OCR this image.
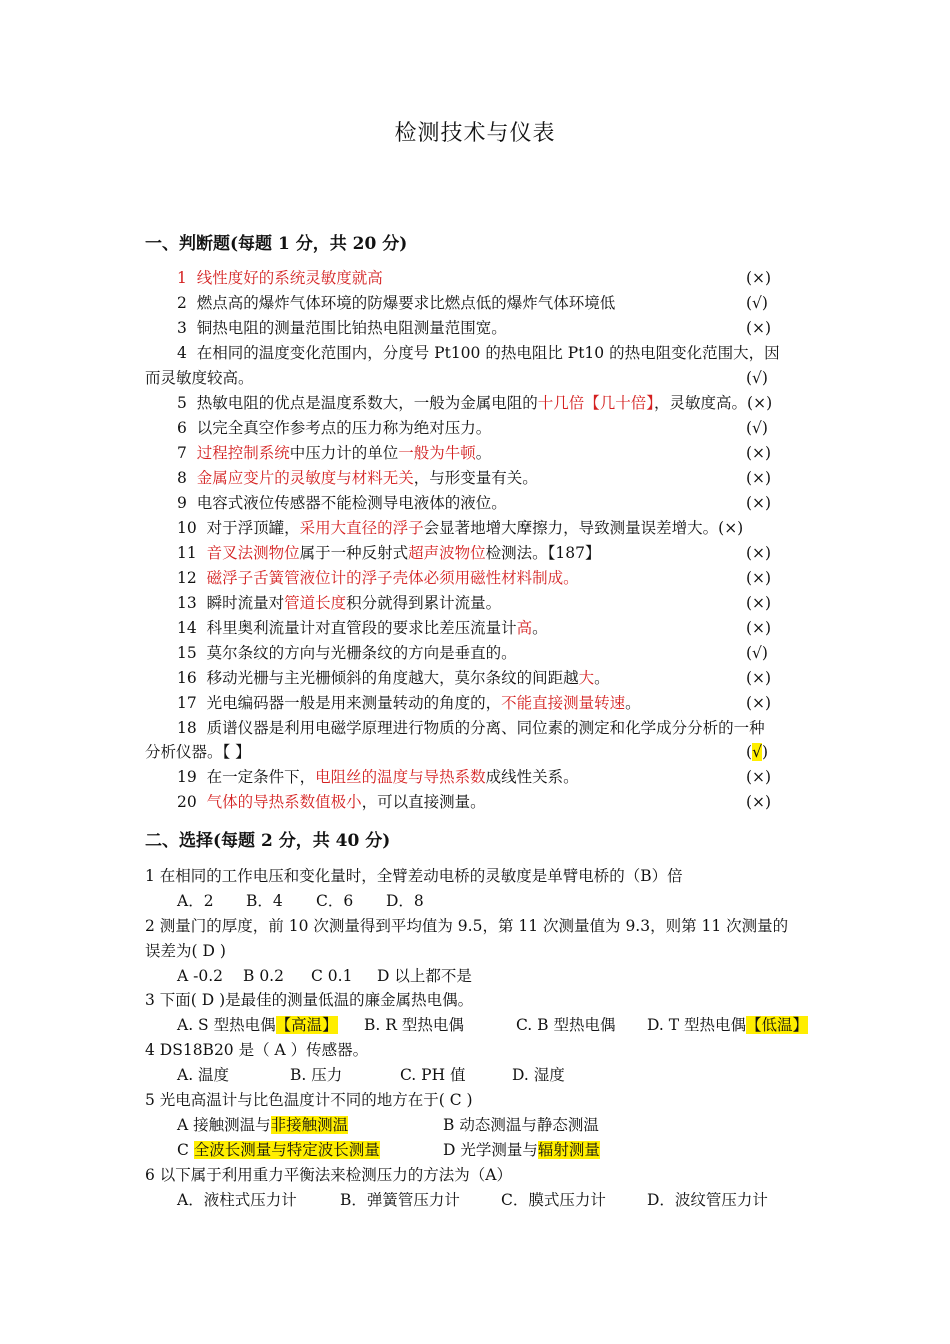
检测技术与仪表
一、判断题(每题 1 分，共 20 分)
1 线性度好的系统灵敏度就高	(×)
2 燃点高的爆炸气体环境的防爆要求比燃点低的爆炸气体环境低	(√)
3 铜热电阻的测量范围比铂热电阻测量范围宽。	(×)
4 在相同的温度变化范围内，分度号 Pt100 的热电阻比 Pt10 的热电阻变化范围大，因
而灵敏度较高。	(√)
5 热敏电阻的优点是温度系数大，一般为金属电阻的十几倍【几十倍】，灵敏度高。(×)
6 以完全真空作参考点的压力称为绝对压力。	(√)
7 过程控制系统中压力计的单位一般为牛顿。	(×)
8 金属应变片的灵敏度与材料无关，与形变量有关。	(×)
9 电容式液位传感器不能检测导电液体的液位。	(×)
10 对于浮顶罐，采用大直径的浮子会显著地增大摩擦力，导致测量误差增大。(×)
11 音叉法测物位属于一种反射式超声波物位检测法。【187】	(×)
12 磁浮子舌簧管液位计的浮子壳体必须用磁性材料制成。	(×)
13 瞬时流量对管道长度积分就得到累计流量。	(×)
14 科里奥利流量计对直管段的要求比差压流量计高。	(×)
15 莫尔条纹的方向与光栅条纹的方向是垂直的。	(√)
16 移动光栅与主光栅倾斜的角度越大，莫尔条纹的间距越大。	(×)
17 光电编码器一般是用来测量转动的角度的，不能直接测量转速。	(×)
18 质谱仪器是利用电磁学原理进行物质的分离、同位素的测定和化学成分分析的一种
分析仪器。【 】	(√)
19 在一定条件下，电阻丝的温度与导热系数成线性关系。	(×)
20 气体的导热系数值极小，可以直接测量。	(×)
二、选择(每题 2 分，共 40 分)
1 在相同的工作电压和变化量时，全臂差动电桥的灵敏度是单臂电桥的（B）倍
A．2 B．4 C．6 D．8
2 测量门的厚度，前 10 次测量得到平均值为 9.5，第 11 次测量值为 9.3，则第 11 次测量的
误差为( D )
A -0.2 B 0.2 C 0.1 D 以上都不是
3 下面( D )是最佳的测量低温的廉金属热电偶。
A. S 型热电偶【高温】 B. R 型热电偶	C. B 型热电偶 D. T 型热电偶【低温】
4 DS18B20 是（ A ）传感器。
A. 温度	B. 压力	C. PH 值	D. 湿度
5 光电高温计与比色温度计不同的地方在于( C )
A 接触测温与非接触测温	B 动态测温与静态测温
C 全波长测量与特定波长测量	D 光学测量与辐射测量
6 以下属于利用重力平衡法来检测压力的方法为（A）
A．液柱式压力计	B．弹簧管压力计	C．膜式压力计	D．波纹管压力计
